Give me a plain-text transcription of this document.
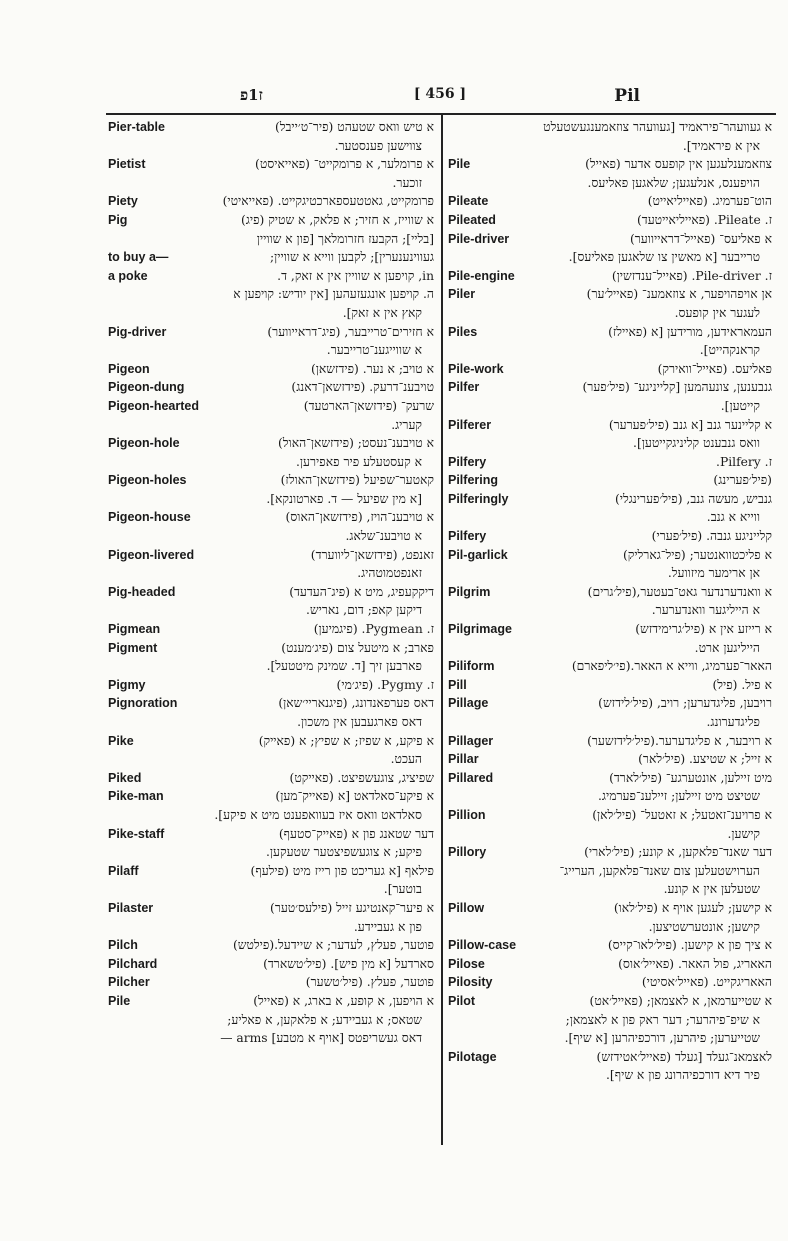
ז1פ	[ 456 ]	Pil
Pier-table	א טיש וואס שטעהט (פיר־ט׳ייבל)
צווישען פענסטער.
Pietist	א פרומלער, א פרומקייט־ (פאייאיסט)
זוכער.
Piety	פרומקייט, גאטטעספארכטיגקייט. (פאייאיטי)
Pig	א שווייז, א חזיר; א פלאק, א שטיק (פיג)
[בליי]; הקבעז חזרומלאך [פון א שוויין
to buy a—	געווינענערין]; לקבען ווייא א שוויין;
a poke	in, קויפען א שוויין אין א זאק, ד.
ה. קויפען אונגעזעהען [אין יודיש: קויפען א
קאץ אין א זאק].
Pig-driver	א חזירים־טרייבער, (פיג־דראייווער)
א שווייגענ־טרייבער.
Pigeon	א טויב; א נער. (פידזשאן)
Pigeon-dung	טויבענ־דרעק. (פידזשאן־דאנג)
Pigeon-hearted	שרעק־ (פידזשאן־הארטעד)
קעריג.
Pigeon-hole	א טויבענ־נעסט; (פידזשאן־האול)
א קעסטעלע פיר פאפירען.
Pigeon-holes	קאטער־שפיעל (פידזשאן־האולז)
[א מין שפיעל — ד. פארטונקא].
Pigeon-house	א טויבענ־הויז, (פידזשאן־האוס)
א טויבענ־שלאג.
Pigeon-livered	זאנפט, (פידזשאן־ליווערד)
זאנפטמוטהיג.
Pig-headed	דיקקעפיג, מיט א (פיג־העדעד)
דיקען קאפ; דום, נאריש.
Pigmean	ז. Pygmean. (פיגמיען)
Pigment	פארב; א מיטעל צום (פיג׳מענט)
פארבען זיך [ד. שמינק מיטטעל].
Pigmy	ז. Pygmy. (פיג׳מי)
Pignoration	דאס פערפאנדונג, (פיגנאריי׳שאן)
דאס פארגעבען אין משכון.
Pike	א פיקע, א שפיז; א שפיץ; א (פאייק)
העכט.
Piked	שפיציג, צוגעשפיצט. (פאייקט)
Pike-man	א פיקע־סאלדאט [א (פאייק־מען)
סאלדאט וואס איז בעוואפענט מיט א פיקע].
Pike-staff	דער שטאנג פון א (פאייק־סטעף)
פיקע; א צוגעשפיצטער שטעקען.
Pilaff	פילאף [א געריכט פון רייז מיט (פילעף)
בוטער].
Pilaster	א פיער־קאנטיגע זייל (פילעס׳טער)
פון א געביידע.
Pilch	פוטער, פעלץ, לעדער; א שיידעל.(פילטש)
Pilchard	סארדעל [א מין פיש]. (פיל׳טשארד)
Pilcher	פוטער, פעלץ. (פיל׳טשער)
Pile	א הויפען, א קופע, א בארג, א (פאייל)
שטאס; א געביידע; א פלאקען, א פאליע;
דאס געשריפטס [אויף א מטבע] arms —
א געוועהר־פיראמיד [געוועהר צוזאמענגעשטעלט
אין א פיראמיד].
Pile	צוזאמענלעגען אין קופעס אדער (פאייל)
הויפענס, אנלעגען; שלאגען פאליעס.
Pileate	הוט־פערמיג. (פאייליאייט)
Pileated	ז. Pileate. (פאייליאייטעד)
Pile-driver	א פאליעס־ (פאייל־דראייווער)
טרייבער [א מאשין צו שלאגען פאליעס].
Pile-engine	ז. Pile-driver. (פאייל־ענדזשין)
Piler	אן אויפהויפער, א צוזאמענ־ (פאייל׳ער)
לעגער אין קופעס.
Piles	העמאראידען, מורידען [א (פאיילז)
קראנקהייט].
Pile-work	פאליעס. (פאייל־וואירק)
Pilfer	גנבענען, צונעהמען [קלייניגע־ (פיל׳פער)
קייטען].
Pilferer	א קליינער גנב [א גנב (פיל׳פערער)
וואס גנבענט קליניגקייטען].
Pilfery	ז. Pilfery.
Pilfering	(פיל׳פערינג)
Pilferingly	גנביש, מעשה גנב, (פיל׳פערינגלי)
ווייא א גנב.
Pilfery	קלייניגע גנבה. (פיל׳פערי)
Pil-garlick	א פליכטוואנטער; (פיל־גארליק)
אן ארימער מיזוועל.
Pilgrim	א וואנדערנדער גאט־בעטער,(פיל׳גרים)
א הייליגער וואנדערער.
Pilgrimage	א רייזע אין א (פיל׳גרימידזש)
הייליגען ארט.
Piliform	האאר־פערמיג, ווייא א האאר.(פי׳ליפארם)
Pill	א פיל. (פיל)
Pillage	רויבען, פליגדערען; רויב, (פיל׳לידזש)
פליגדערונג.
Pillager	א רויבער, א פליגדערער.(פיל׳לידזשער)
Pillar	א זייל; א שטיצע. (פיל׳לאר)
Pillared	מיט זיילען, אונטערגע־ (פיל׳לארד)
שטיצט מיט זיילען; זיילענ־פערמיג.
Pillion	א פרויענ־זאטעל; א זאטעל־ (פיל׳לאן)
קישען.
Pillory	דער שאנד־פלאקען, א קונע; (פיל׳לארי)
הערוישטעלען צום שאנד־פלאקען, הערייג־
שטעלען אין א קונע.
Pillow	א קישען; לעגען אויף א (פיל׳לאו)
קישען; אונטערשטיצען.
Pillow-case	א ציך פון א קישען. (פיל׳לאו־קייס)
Pilose	האאריג, פול האאר. (פאייל׳אוס)
Pilosity	האאריגקייט. (פאייל׳אסיטי)
Pilot	א שטייערמאן, א לאצמאן; (פאייל׳אט)
א שיפ־פיהרער; דער ראק פון א לאצמאן;
שטייערען; פיהרען, דורכפיהרען [א שיף].
Pilotage	לאצמאנ־געלד [געלד (פאייל׳אטידזש)
פיר דיא דורכפיהרונג פון א שיף].
